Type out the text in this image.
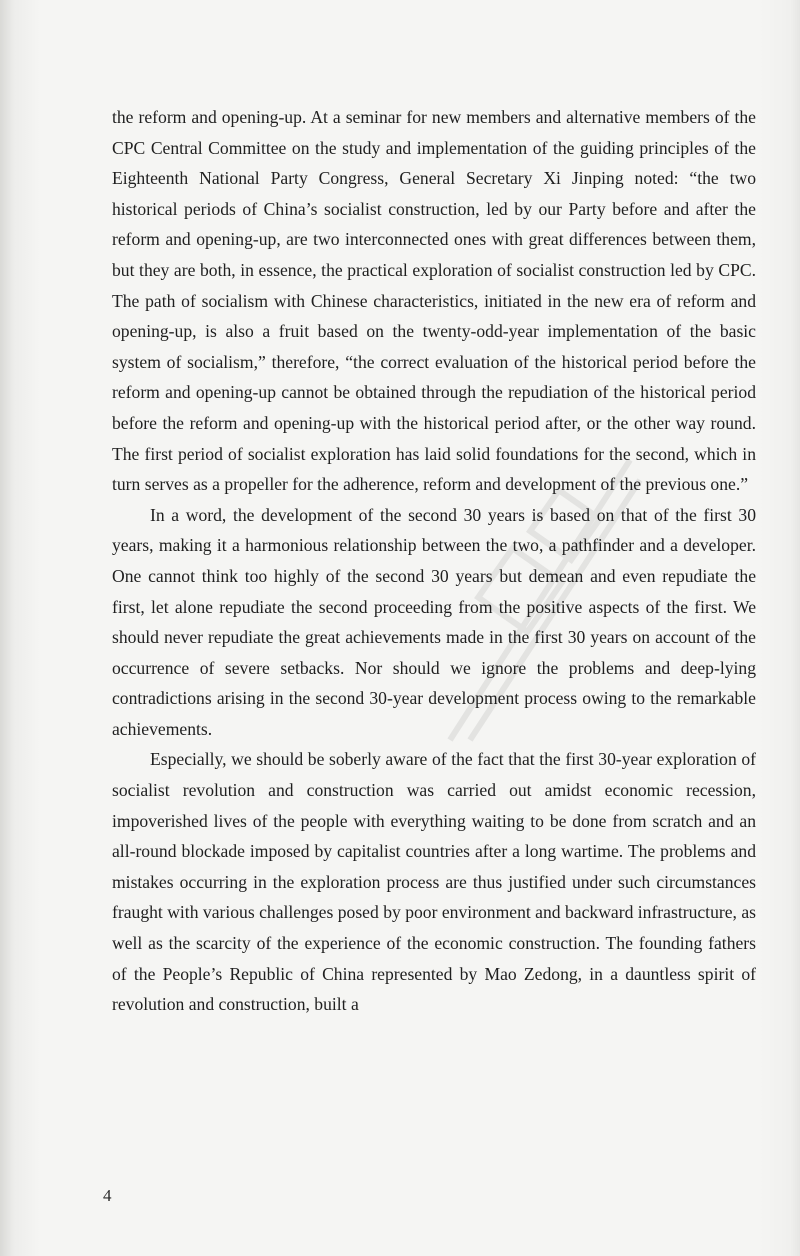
the reform and opening-up. At a seminar for new members and alternative members of the CPC Central Committee on the study and implementation of the guiding principles of the Eighteenth National Party Congress, General Secretary Xi Jinping noted: “the two historical periods of China’s socialist construction, led by our Party before and after the reform and opening-up, are two interconnected ones with great differences between them, but they are both, in essence, the practical exploration of socialist construction led by CPC. The path of socialism with Chinese characteristics, initiated in the new era of reform and opening-up, is also a fruit based on the twenty-odd-year implementation of the basic system of socialism,” therefore, “the correct evaluation of the historical period before the reform and opening-up cannot be obtained through the repudiation of the historical period before the reform and opening-up with the historical period after, or the other way round. The first period of socialist exploration has laid solid foundations for the second, which in turn serves as a propeller for the adherence, reform and development of the previous one.”

In a word, the development of the second 30 years is based on that of the first 30 years, making it a harmonious relationship between the two, a pathfinder and a developer. One cannot think too highly of the second 30 years but demean and even repudiate the first, let alone repudiate the second proceeding from the positive aspects of the first. We should never repudiate the great achievements made in the first 30 years on account of the occurrence of severe setbacks. Nor should we ignore the problems and deep-lying contradictions arising in the second 30-year development process owing to the remarkable achievements.

Especially, we should be soberly aware of the fact that the first 30-year exploration of socialist revolution and construction was carried out amidst economic recession, impoverished lives of the people with everything waiting to be done from scratch and an all-round blockade imposed by capitalist countries after a long wartime. The problems and mistakes occurring in the exploration process are thus justified under such circumstances fraught with various challenges posed by poor environment and backward infrastructure, as well as the scarcity of the experience of the economic construction. The founding fathers of the People’s Republic of China represented by Mao Zedong, in a dauntless spirit of revolution and construction, built a

4
